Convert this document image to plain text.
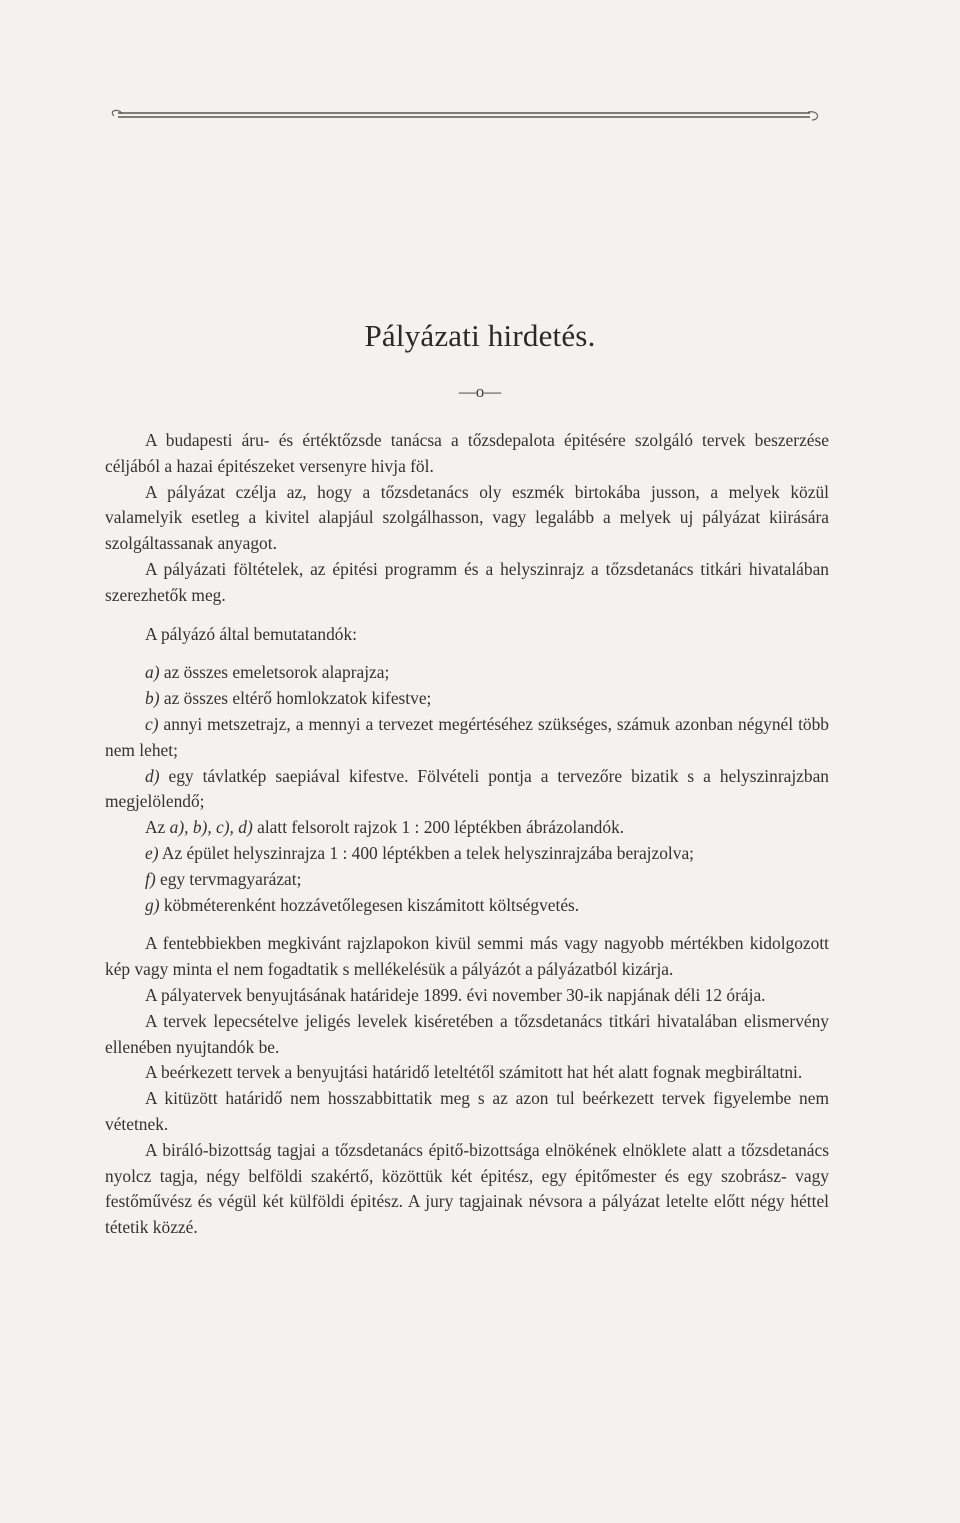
Pályázati hirdetés.
—o—

A budapesti áru- és értéktőzsde tanácsa a tőzsdepalota épitésére szolgáló tervek beszerzése céljából a hazai épitészeket versenyre hivja föl.

A pályázat czélja az, hogy a tőzsdetanács oly eszmék birtokába jusson, a melyek közül valamelyik esetleg a kivitel alapjául szolgálhasson, vagy legalább a melyek uj pályázat kiirására szolgáltassanak anyagot.

A pályázati föltételek, az épitési programm és a helyszinrajz a tőzsdetanács titkári hivatalában szerezhetők meg.

A pályázó által bemutatandók:

a) az összes emeletsorok alaprajza;

b) az összes eltérő homlokzatok kifestve;

c) annyi metszetrajz, a mennyi a tervezet megértéséhez szükséges, számuk azonban négynél több nem lehet;

d) egy távlatkép saepiával kifestve. Fölvételi pontja a tervezőre bizatik s a helyszinrajzban megjelölendő;

Az a), b), c), d) alatt felsorolt rajzok 1 : 200 léptékben ábrázolandók.

e) Az épület helyszinrajza 1 : 400 léptékben a telek helyszinrajzába berajzolva;

f) egy tervmagyarázat;

g) köbméterenként hozzávetőlegesen kiszámitott költségvetés.

A fentebbiekben megkivánt rajzlapokon kivül semmi más vagy nagyobb mértékben kidolgozott kép vagy minta el nem fogadtatik s mellékelésük a pályázót a pályázatból kizárja.

A pályatervek benyujtásának határideje 1899. évi november 30-ik napjának déli 12 órája.

A tervek lepecsételve jeligés levelek kiséretében a tőzsdetanács titkári hivatalában elismervény ellenében nyujtandók be.

A beérkezett tervek a benyujtási határidő leteltétől számitott hat hét alatt fognak megbiráltatni.

A kitüzött határidő nem hosszabbittatik meg s az azon tul beérkezett tervek figyelembe nem vétetnek.

A biráló-bizottság tagjai a tőzsdetanács épitő-bizottsága elnökének elnöklete alatt a tőzsdetanács nyolcz tagja, négy belföldi szakértő, közöttük két épitész, egy épitőmester és egy szobrász- vagy festőművész és végül két külföldi épitész. A jury tagjainak névsora a pályázat letelte előtt négy héttel tétetik közzé.
